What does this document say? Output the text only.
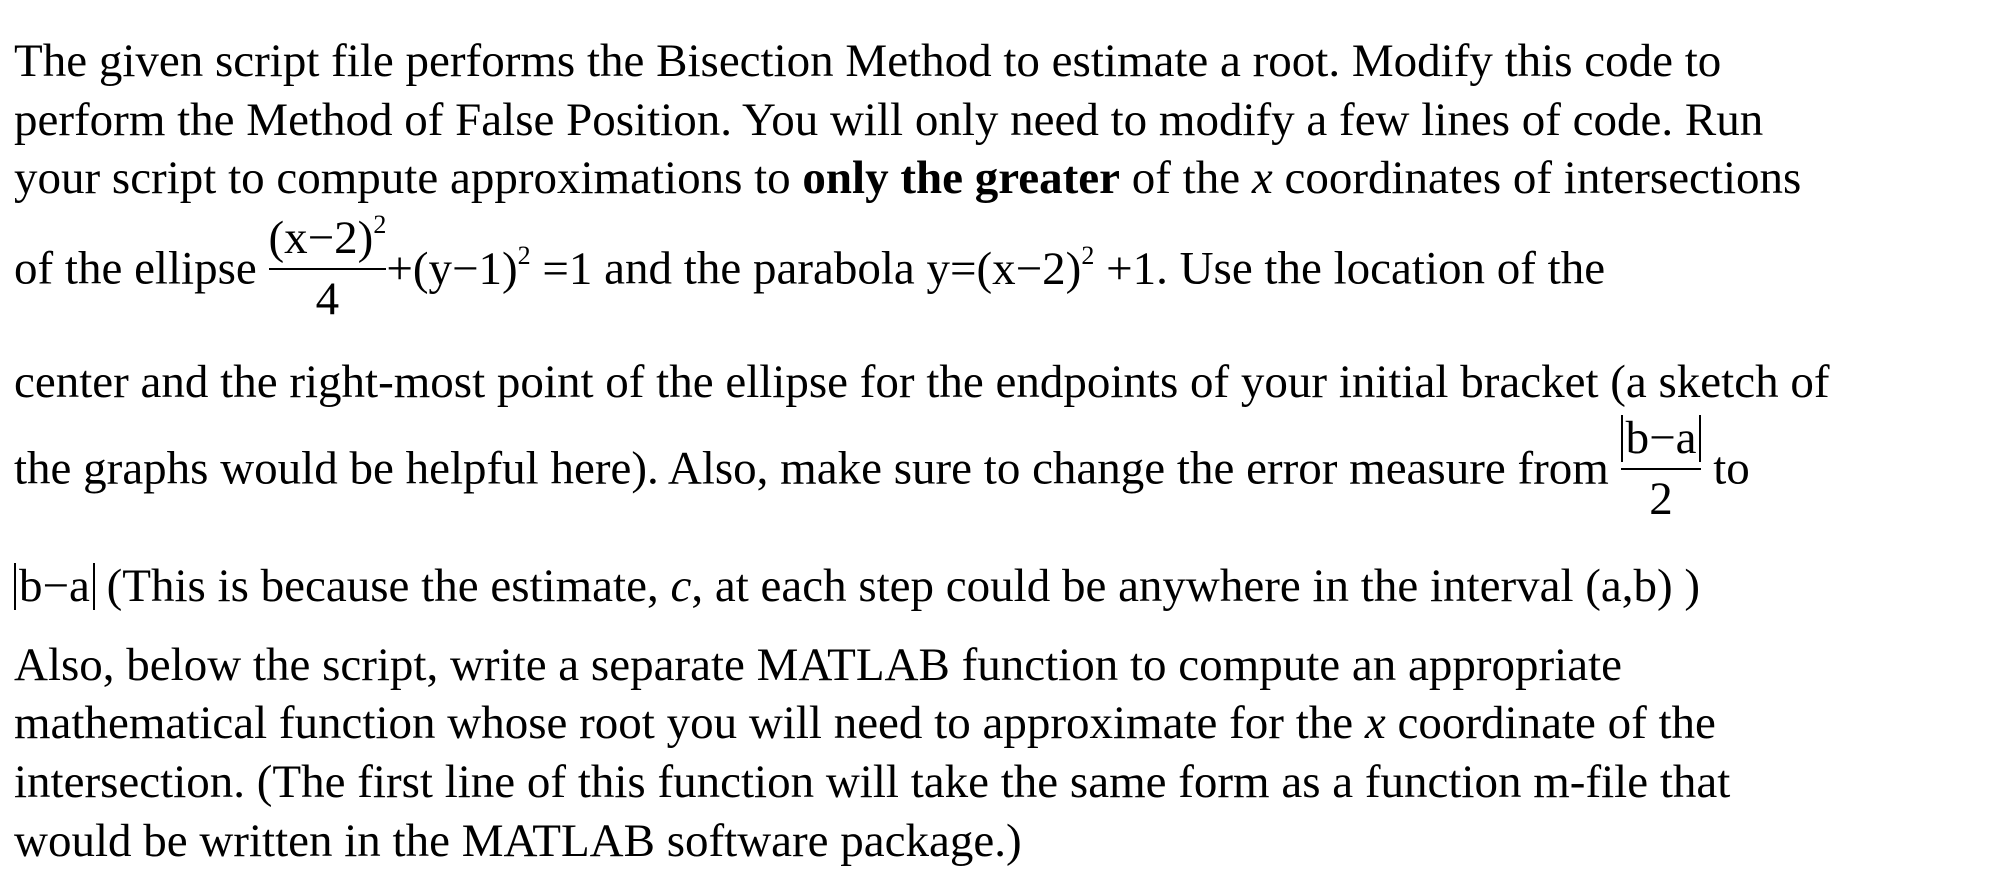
The given script file performs the Bisection Method to estimate a root. Modify this code to
perform the Method of False Position. You will only need to modify a few lines of code. Run
your script to compute approximations to only the greater of the x coordinates of intersections
of the ellipse $\frac{(x-2)^2}{4} +(y-1)^2 =1$ and the parabola $y=(x-2)^2 +1$. Use the location of the
center and the right-most point of the ellipse for the endpoints of your initial bracket (a sketch of
the graphs would be helpful here). Also, make sure to change the error measure from $\frac{b-a}{2}$ to
b−a (This is because the estimate, c, at each step could be anywhere in the interval (a,b) )
Also, below the script, write a separate MATLAB function to compute an appropriate
mathematical function whose root you will need to approximate for the x coordinate of the
intersection. (The first line of this function will take the same form as a function m-file that
would be written in the MATLAB software package.)
